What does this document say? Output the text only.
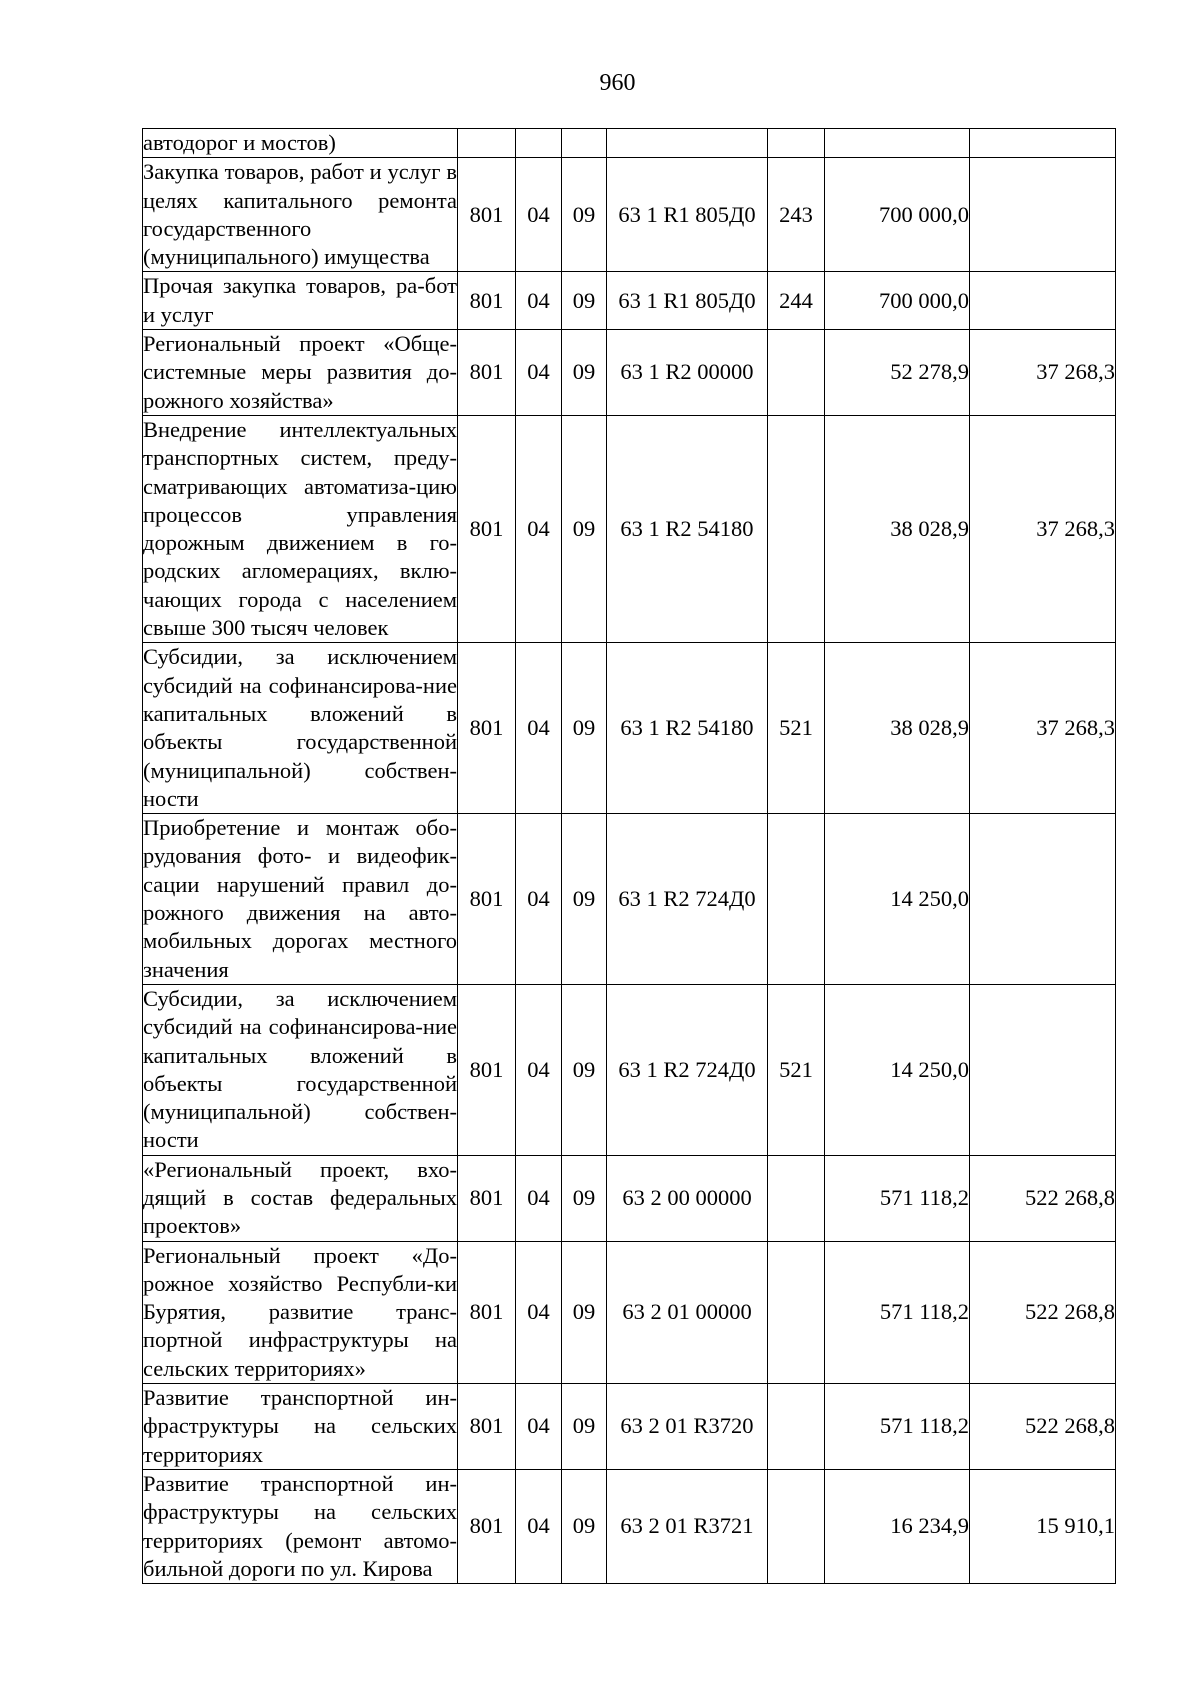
960
автодорог и мостов)							
Закупка товаров, работ и услуг в целях капитального ремонта государственного (муниципального) имущества	801	04	09	63 1 R1 805Д0	243	700 000,0	
Прочая закупка товаров, ра-бот и услуг	801	04	09	63 1 R1 805Д0	244	700 000,0	
Региональный проект «Обще-системные меры развития до-рожного хозяйства»	801	04	09	63 1 R2 00000		52 278,9	37 268,3
Внедрение интеллектуальных транспортных систем, преду-сматривающих автоматиза-цию процессов управления дорожным движением в го-родских агломерациях, вклю-чающих города с населением свыше 300 тысяч человек	801	04	09	63 1 R2 54180		38 028,9	37 268,3
Субсидии, за исключением субсидий на софинансирова-ние капитальных вложений в объекты государственной (муниципальной) собствен-ности	801	04	09	63 1 R2 54180	521	38 028,9	37 268,3
Приобретение и монтаж обо-рудования фото- и видеофик-сации нарушений правил до-рожного движения на авто-мобильных дорогах местного значения	801	04	09	63 1 R2 724Д0		14 250,0	
Субсидии, за исключением субсидий на софинансирова-ние капитальных вложений в объекты государственной (муниципальной) собствен-ности	801	04	09	63 1 R2 724Д0	521	14 250,0	
«Региональный проект, вхо-дящий в состав федеральных проектов»	801	04	09	63 2 00 00000		571 118,2	522 268,8
Региональный проект «До-рожное хозяйство Республи-ки Бурятия, развитие транс-портной инфраструктуры на сельских территориях»	801	04	09	63 2 01 00000		571 118,2	522 268,8
Развитие транспортной ин-фраструктуры на сельских территориях	801	04	09	63 2 01 R3720		571 118,2	522 268,8
Развитие транспортной ин-фраструктуры на сельских территориях (ремонт автомо-бильной дороги по ул. Кирова	801	04	09	63 2 01 R3721		16 234,9	15 910,1
